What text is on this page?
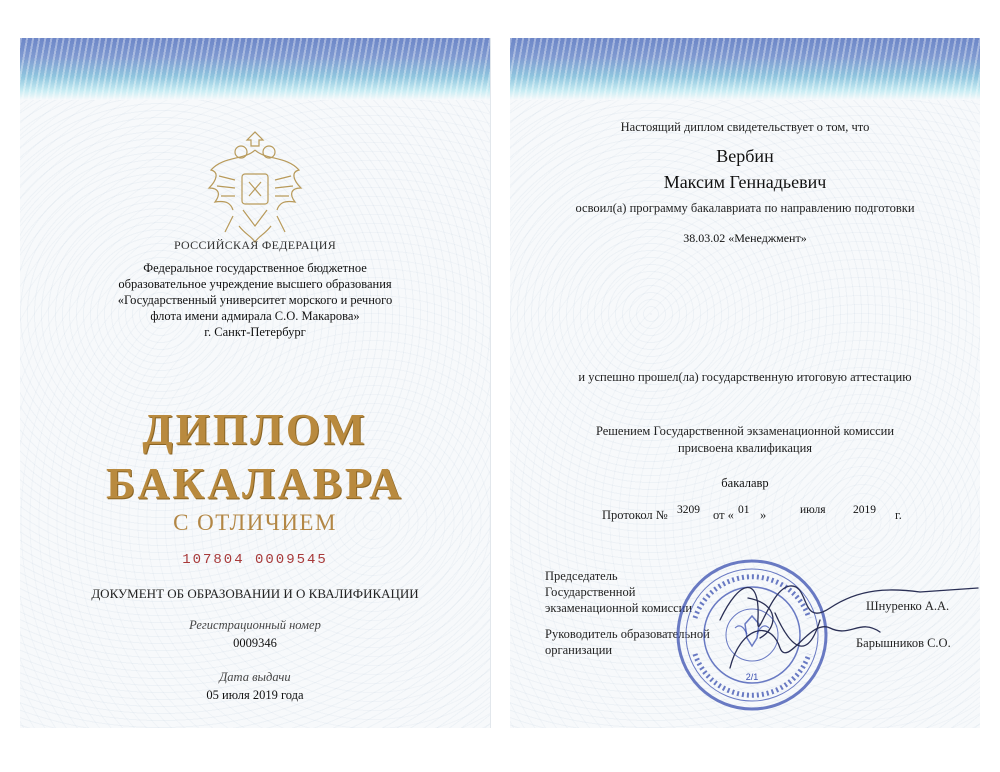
РОССИЙСКАЯ ФЕДЕРАЦИЯ
Федеральное государственное бюджетное
образовательное учреждение высшего образования
«Государственный университет морского и речного
флота имени адмирала С.О. Макарова»
г. Санкт-Петербург
ДИПЛОМ
БАКАЛАВРА
С ОТЛИЧИЕМ
107804 0009545
ДОКУМЕНТ ОБ ОБРАЗОВАНИИ И О КВАЛИФИКАЦИИ
Регистрационный номер
0009346
Дата выдачи
05 июля 2019 года
Настоящий диплом свидетельствует о том, что
Вербин
Максим Геннадьевич
освоил(а) программу бакалавриата по направлению подготовки
38.03.02 «Менеджмент»
и успешно прошел(ла) государственную итоговую аттестацию
Решением Государственной экзаменационной комиссии
присвоена квалификация
бакалавр
Протокол № 3209 от « 01 »	июля 2019 г.
Председатель
Государственной
экзаменационной комиссии	Шнуренко А.А.
Руководитель образовательной
организации	Барышников С.О.
2/1
